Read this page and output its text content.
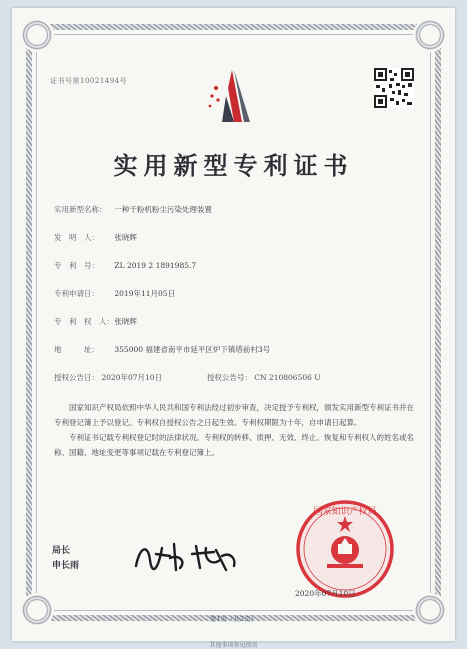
证书号第10021494号
实用新型专利证书
实用新型名称： 一种干粉机粉尘污染处理装置
发　明　人： 张晓辉
专　利　号： ZL 2019 2 1891985.7
专利申请日： 2019年11月05日
专　利　权　人： 张晓辉
地　　　址： 355000 福建省南平市延平区炉下镇塔前村3号
授权公告日： 2020年07月10日	授权公告号： CN 210806506 U

国家知识产权局依照中华人民共和国专利法经过初步审查，决定授予专利权，颁发实用新型专利证书并在专利登记簿上予以登记。专利权自授权公告之日起生效。专利权期限为十年，自申请日起算。

专利证书记载专利权登记时的法律状况。专利权的转移、质押、无效、终止、恢复和专利权人的姓名或名称、国籍、地址变更等事项记载在专利登记簿上。

局长
申长雨
国家知识产权局
2020年07月10日
第1页（共2页）
其他事项参见续页
